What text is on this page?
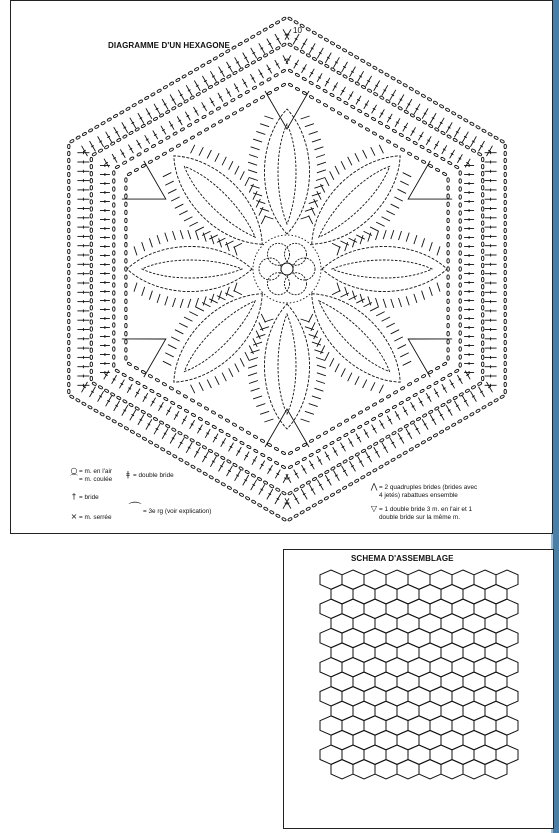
DIAGRAMME D'UN HEXAGONE
10
○ = m. en l'air
⌒= m. coulée
ǂ = double bride
† = bride
× = m. serrée
⌒ = 3e rg (voir explication)
⋀ = 2 quadruples brides (brides avec
4 jetés) rabattues ensemble
▽ = 1 double bride 3 m. en l'air et 1
double bride sur la même m.
SCHEMA D'ASSEMBLAGE
